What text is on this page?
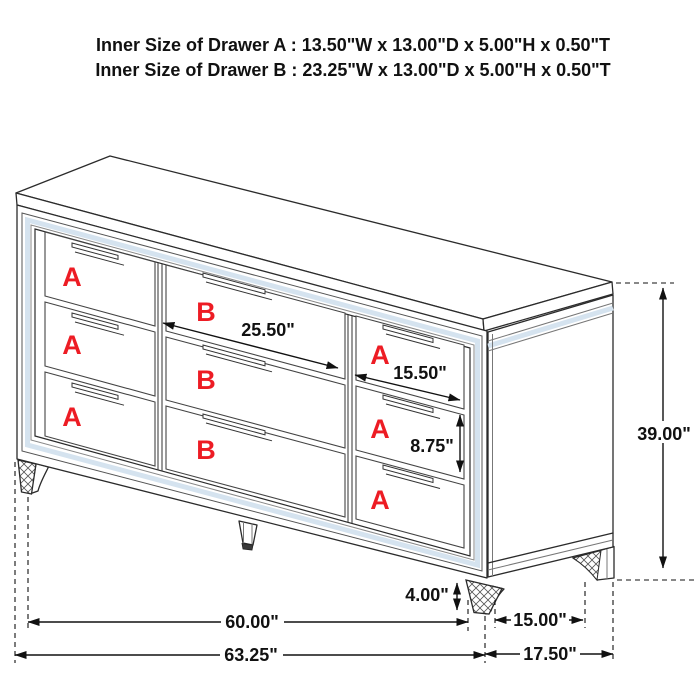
Inner Size of Drawer A : 13.50"W x 13.00"D x 5.00"H x 0.50"T
Inner Size of Drawer B : 23.25"W x 13.00"D x 5.00"H x 0.50"T
A
A
A
B
B
B
A
A
A
25.50"
15.50"
8.75"
39.00"
4.00"
60.00"
63.25"
15.00"
17.50"
